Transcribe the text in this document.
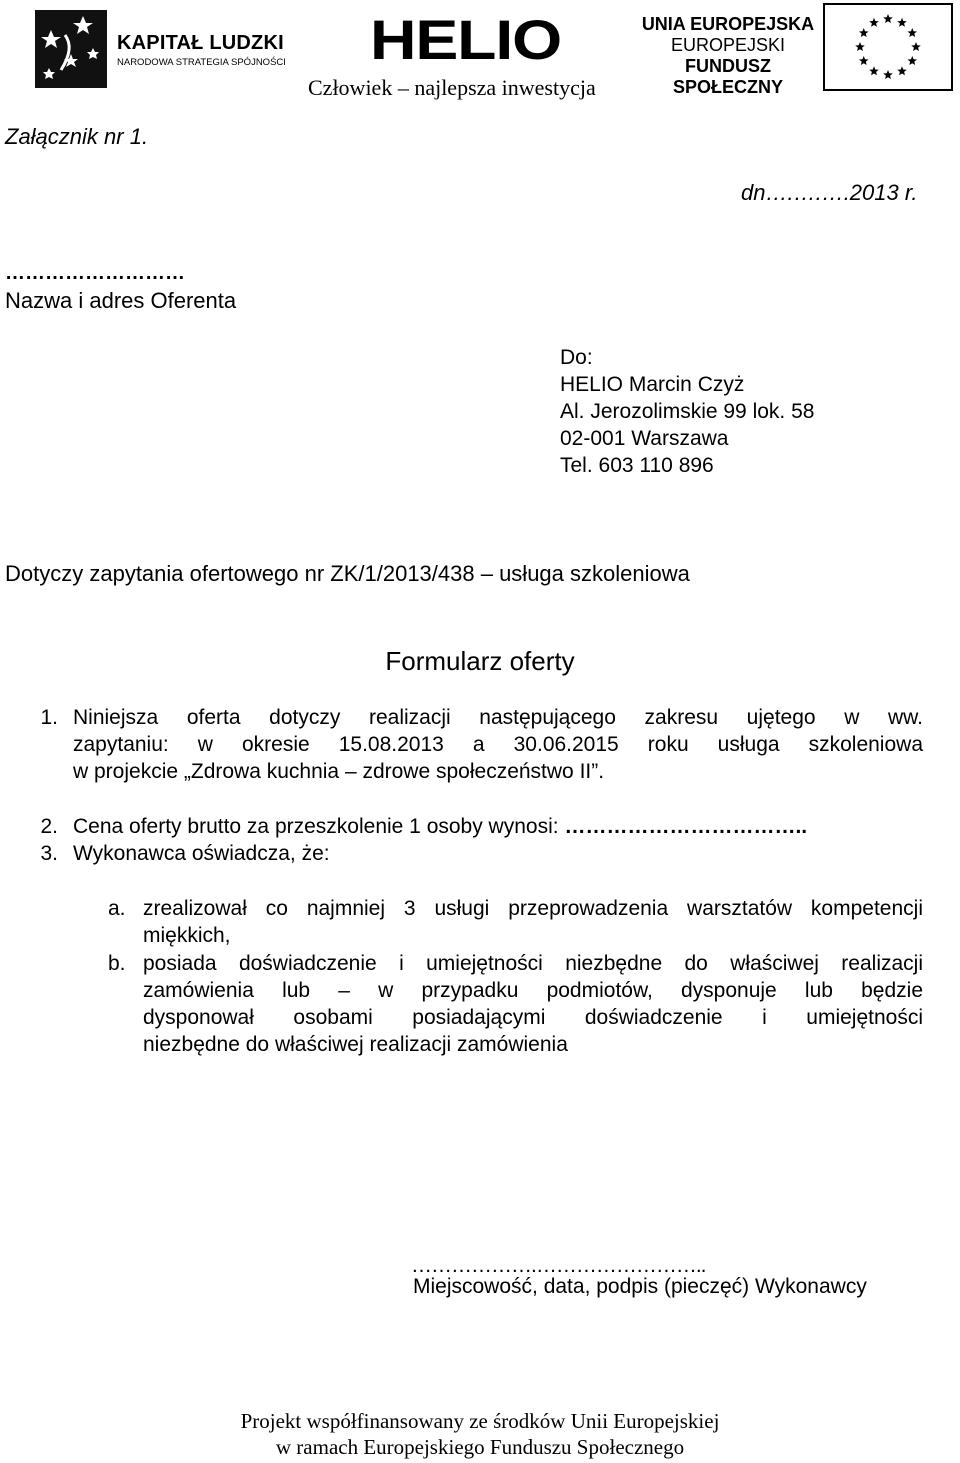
KAPITAŁ LUDZKI
NARODOWA STRATEGIA SPÓJNOŚCI HELIO
Człowiek – najlepsza inwestycja
UNIA EUROPEJSKA
EUROPEJSKI
FUNDUSZ SPOŁECZNY
Załącznik nr 1.
dn….….….2013 r.
………………………
Nazwa i adres Oferenta
Do:
HELIO Marcin Czyż
Al. Jerozolimskie 99 lok. 58
02-001 Warszawa
Tel. 603 110 896
Dotyczy zapytania ofertowego nr ZK/1/2013/438 – usługa szkoleniowa
Formularz oferty
1. Niniejsza oferta dotyczy realizacji następującego zakresu ujętego w ww.
zapytaniu: w okresie 15.08.2013 a 30.06.2015 roku usługa szkoleniowa
w projekcie „Zdrowa kuchnia – zdrowe społeczeństwo II”.
2. Cena oferty brutto za przeszkolenie 1 osoby wynosi: ……………………………..
3. Wykonawca oświadcza, że:
a. zrealizował co najmniej 3 usługi przeprowadzenia warsztatów kompetencji
miękkich,
b. posiada doświadczenie i umiejętności niezbędne do właściwej realizacji
zamówienia lub – w przypadku podmiotów, dysponuje lub będzie
dysponował osobami posiadającymi doświadczenie i umiejętności
niezbędne do właściwej realizacji zamówienia
……………….……………………..
Miejscowość, data, podpis (pieczęć) Wykonawcy
Projekt współfinansowany ze środków Unii Europejskiej
w ramach Europejskiego Funduszu Społecznego
